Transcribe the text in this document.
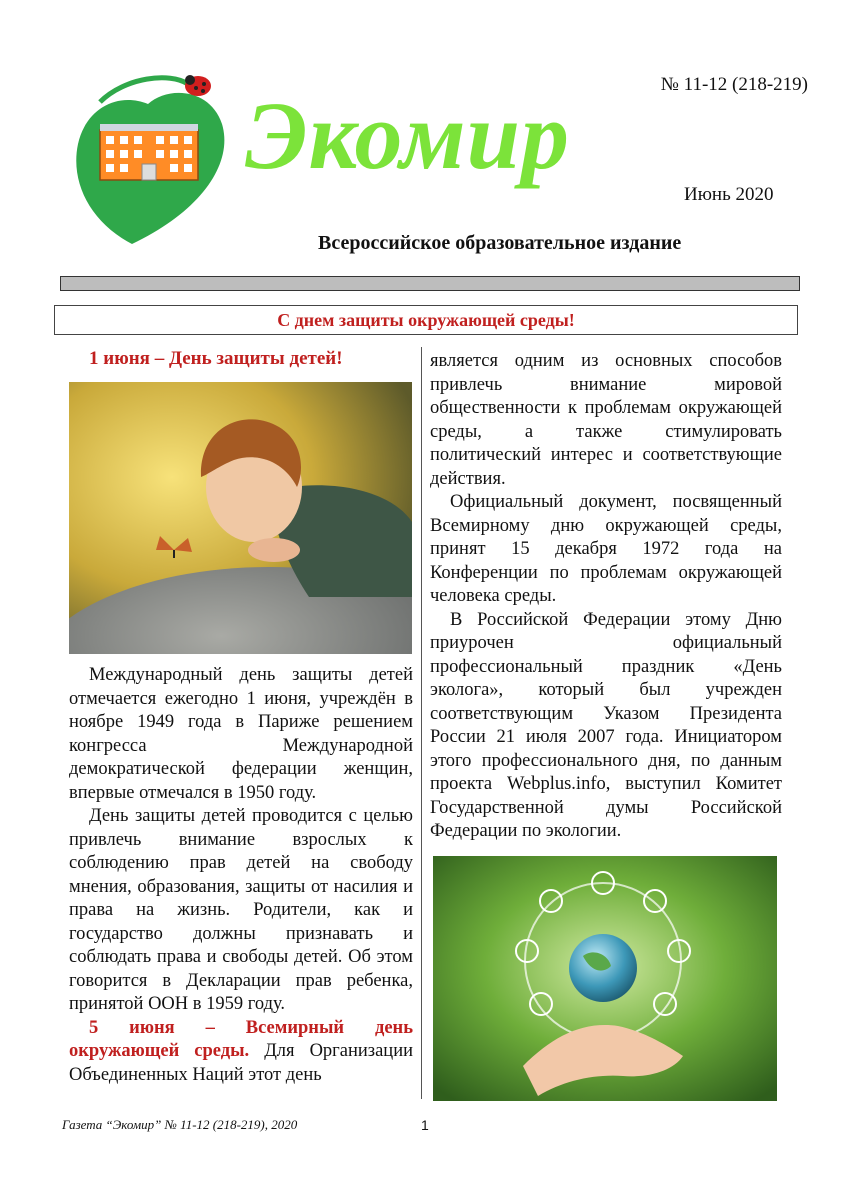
Экомир	№ 11-12 (218-219)
Июнь 2020
Всероссийское образовательное издание
С днем защиты окружающей среды!
1 июня – День защиты детей!

Международный день защиты детей отмечается ежегодно 1 июня, учреждён в ноябре 1949 года в Париже решением конгресса Международной демократической федерации женщин, впервые отмечался в 1950 году.

День защиты детей проводится с целью привлечь внимание взрослых к соблюдению прав детей на свободу мнения, образования, защиты от насилия и права на жизнь. Родители, как и государство должны признавать и соблюдать права и свободы детей. Об этом говорится в Декларации прав ребенка, принятой ООН в 1959 году.

5 июня – Всемирный день окружающей среды. Для Организации Объединенных Наций этот день

является одним из основных способов привлечь внимание мировой общественности к проблемам окружающей среды, а также стимулировать политический интерес и соответствующие действия.

Официальный документ, посвященный Всемирному дню окружающей среды, принят 15 декабря 1972 года на Конференции по проблемам окружающей человека среды.

В Российской Федерации этому Дню приурочен официальный профессиональный праздник «День эколога», который был учрежден соответствующим Указом Президента России 21 июля 2007 года. Инициатором этого профессионального дня, по данным проекта Webplus.info, выступил Комитет Государственной думы Российской Федерации по экологии.

Газета “Экомир” № 11-12 (218-219), 2020	1
